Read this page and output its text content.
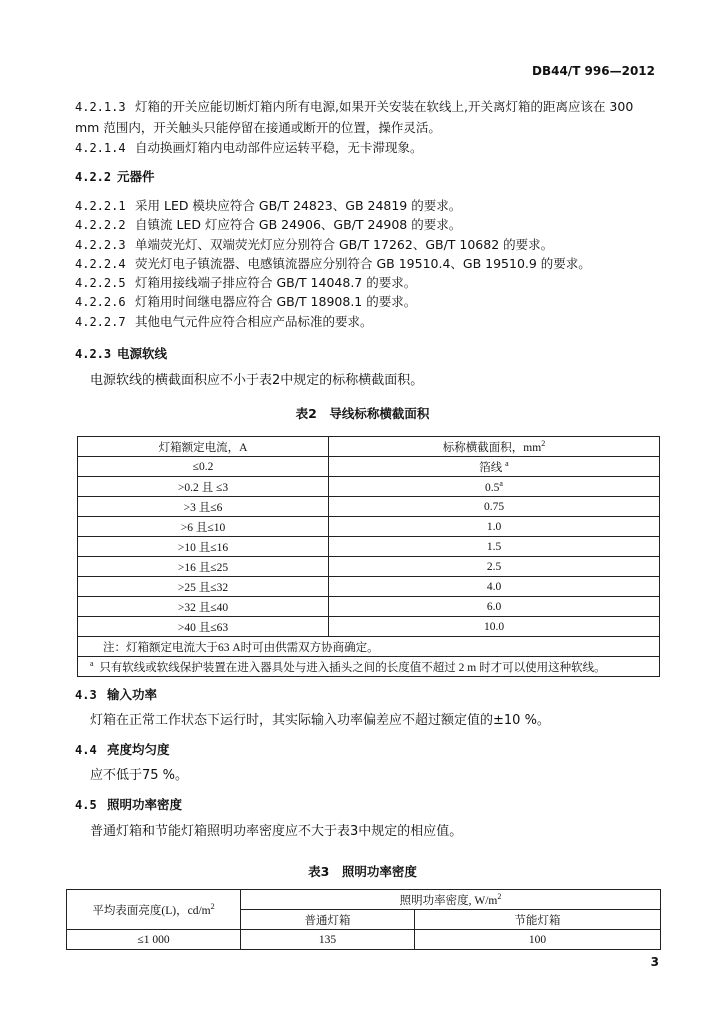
DB44/T 996—2012
4.2.1.3 灯箱的开关应能切断灯箱内所有电源,如果开关安装在软线上,开关离灯箱的距离应该在 300
mm 范围内，开关触头只能停留在接通或断开的位置，操作灵活。
4.2.1.4 自动换画灯箱内电动部件应运转平稳，无卡滞现象。
4.2.2 元器件
4.2.2.1 采用 LED 模块应符合 GB/T 24823、GB 24819 的要求。
4.2.2.2 自镇流 LED 灯应符合 GB 24906、GB/T 24908 的要求。
4.2.2.3 单端荧光灯、双端荧光灯应分别符合 GB/T 17262、GB/T 10682 的要求。
4.2.2.4 荧光灯电子镇流器、电感镇流器应分别符合 GB 19510.4、GB 19510.9 的要求。
4.2.2.5 灯箱用接线端子排应符合 GB/T 14048.7 的要求。
4.2.2.6 灯箱用时间继电器应符合 GB/T 18908.1 的要求。
4.2.2.7 其他电气元件应符合相应产品标准的要求。
4.2.3 电源软线
电源软线的横截面积应不小于表2中规定的标称横截面积。
表2　导线标称横截面积
灯箱额定电流，A	标称横截面积，$mm^2$
≤0.2	箔线 $^a$
>0.2 且 ≤3	0.5$^a$
>3 且≤6	0.75
>6 且≤10	1.0
>10 且≤16	1.5
>16 且≤25	2.5
>25 且≤32	4.0
>32 且≤40	6.0
>40 且≤63	10.0
注：灯箱额定电流大于63 A时可由供需双方协商确定。	
$^a$ 只有软线或软线保护装置在进入器具处与进入插头之间的长度值不超过 2 m 时才可以使用这种软线。	
4.3 输入功率
灯箱在正常工作状态下运行时，其实际输入功率偏差应不超过额定值的±10 %。
4.4 亮度均匀度
应不低于75 %。
4.5 照明功率密度
普通灯箱和节能灯箱照明功率密度应不大于表3中规定的相应值。
表3　照明功率密度
平均表面亮度(L)，$cd/m^2$	照明功率密度, $W/m^2$
	普通灯箱	节能灯箱
≤1 000	135	100
3
